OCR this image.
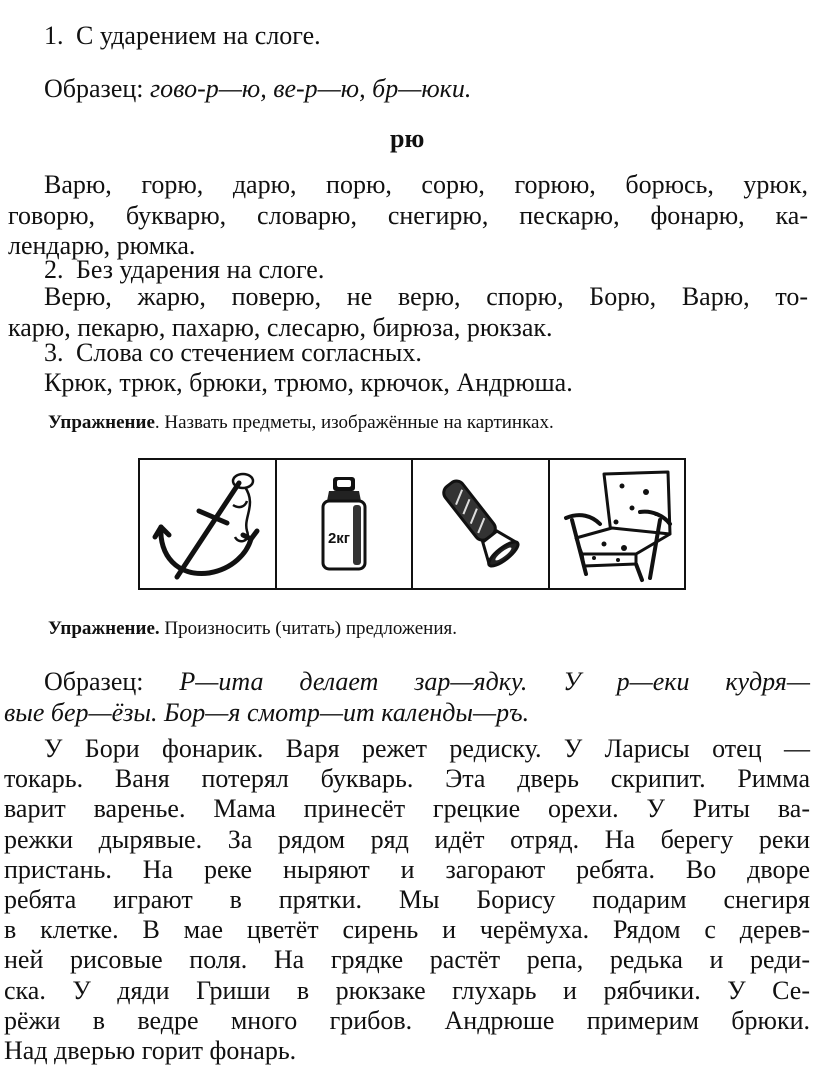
1. С ударением на слоге.
Образец: гово-р—ю, ве-р—ю, бр—юки.
рю
Варю, горю, дарю, порю, сорю, горюю, борюсь, урюк,
говорю, букварю, словарю, снегирю, пескарю, фонарю, ка-
лендарю, рюмка.
2. Без ударения на слоге.
Верю, жарю, поверю, не верю, спорю, Борю, Варю, то-
карю, пекарю, пахарю, слесарю, бирюза, рюкзак.
3. Слова со стечением согласных.
Крюк, трюк, брюки, трюмо, крючок, Андрюша.
Упражнение. Назвать предметы, изображённые на картинках.
2кг
Упражнение. Произносить (читать) предложения.
Образец: Р—ита делает зар—ядку. У р—еки кудря—
вые бер—ёзы. Бор—я смотр—ит календы—ръ.
У Бори фонарик. Варя режет редиску. У Ларисы отец —
токарь. Ваня потерял букварь. Эта дверь скрипит. Римма
варит варенье. Мама принесёт грецкие орехи. У Риты ва-
режки дырявые. За рядом ряд идёт отряд. На берегу реки
пристань. На реке ныряют и загорают ребята. Во дворе
ребята играют в прятки. Мы Борису подарим снегиря
в клетке. В мае цветёт сирень и черёмуха. Рядом с дерев-
ней рисовые поля. На грядке растёт репа, редька и реди-
ска. У дяди Гриши в рюкзаке глухарь и рябчики. У Се-
рёжи в ведре много грибов. Андрюше примерим брюки.
Над дверью горит фонарь.
